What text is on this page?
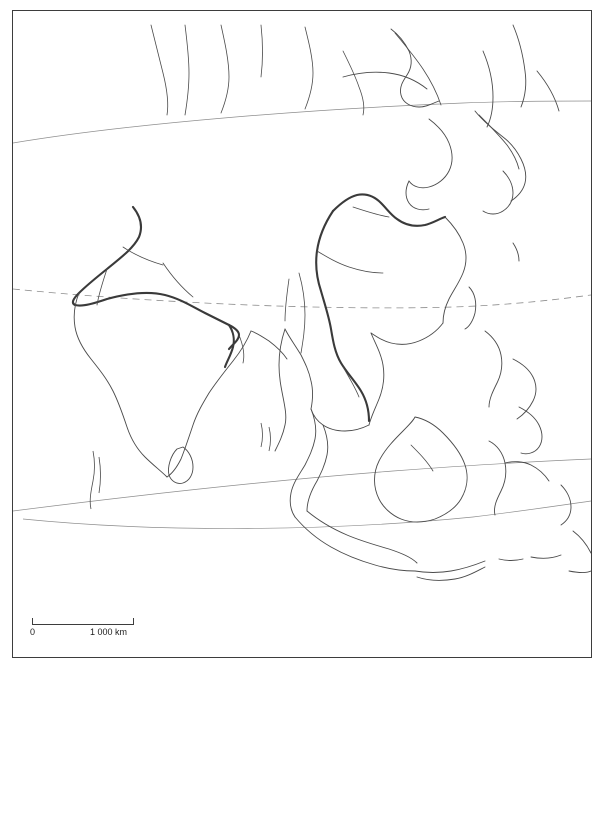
0	1 000 km
